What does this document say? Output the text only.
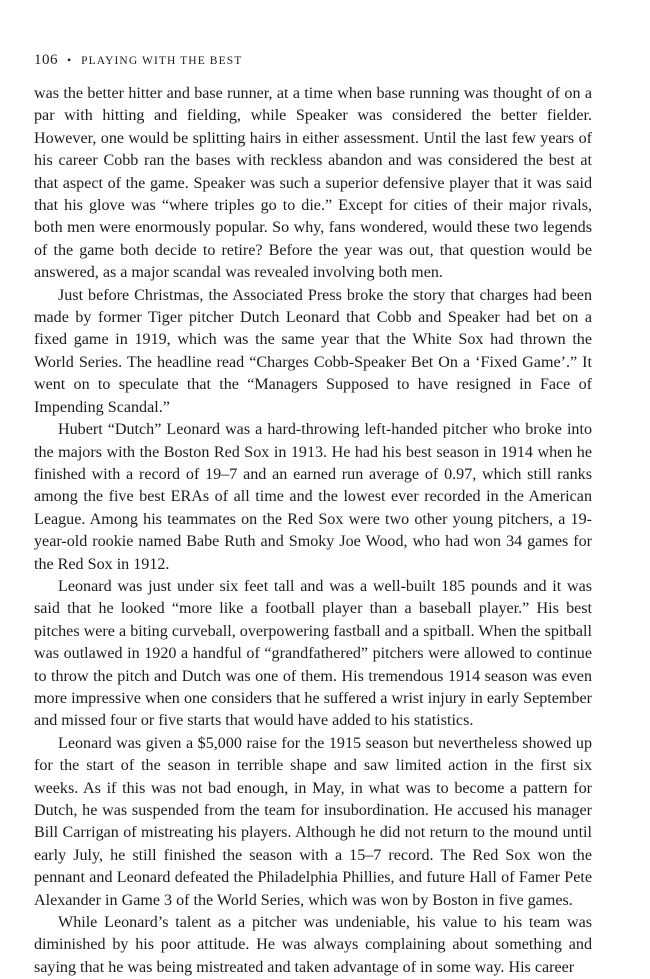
106 • PLAYING WITH THE BEST

was the better hitter and base runner, at a time when base running was thought of on a par with hitting and fielding, while Speaker was considered the better fielder. However, one would be splitting hairs in either assessment. Until the last few years of his career Cobb ran the bases with reckless abandon and was considered the best at that aspect of the game. Speaker was such a superior defensive player that it was said that his glove was “where triples go to die.” Except for cities of their major rivals, both men were enormously popular. So why, fans wondered, would these two legends of the game both decide to retire? Before the year was out, that question would be answered, as a major scandal was revealed involving both men.

Just before Christmas, the Associated Press broke the story that charges had been made by former Tiger pitcher Dutch Leonard that Cobb and Speaker had bet on a fixed game in 1919, which was the same year that the White Sox had thrown the World Series. The headline read “Charges Cobb-Speaker Bet On a ‘Fixed Game’.” It went on to speculate that the “Managers Supposed to have resigned in Face of Impending Scandal.”

Hubert “Dutch” Leonard was a hard-throwing left-handed pitcher who broke into the majors with the Boston Red Sox in 1913. He had his best season in 1914 when he finished with a record of 19–7 and an earned run average of 0.97, which still ranks among the five best ERAs of all time and the lowest ever recorded in the American League. Among his teammates on the Red Sox were two other young pitchers, a 19-year-old rookie named Babe Ruth and Smoky Joe Wood, who had won 34 games for the Red Sox in 1912.

Leonard was just under six feet tall and was a well-built 185 pounds and it was said that he looked “more like a football player than a baseball player.” His best pitches were a biting curveball, overpowering fastball and a spitball. When the spitball was outlawed in 1920 a handful of “grandfathered” pitchers were allowed to continue to throw the pitch and Dutch was one of them. His tremendous 1914 season was even more impressive when one considers that he suffered a wrist injury in early September and missed four or five starts that would have added to his statistics.

Leonard was given a $5,000 raise for the 1915 season but nevertheless showed up for the start of the season in terrible shape and saw limited action in the first six weeks. As if this was not bad enough, in May, in what was to become a pattern for Dutch, he was suspended from the team for insubordination. He accused his manager Bill Carrigan of mistreating his players. Although he did not return to the mound until early July, he still finished the season with a 15–7 record. The Red Sox won the pennant and Leonard defeated the Philadelphia Phillies, and future Hall of Famer Pete Alexander in Game 3 of the World Series, which was won by Boston in five games.

While Leonard’s talent as a pitcher was undeniable, his value to his team was diminished by his poor attitude. He was always complaining about something and saying that he was being mistreated and taken advantage of in some way. His career
